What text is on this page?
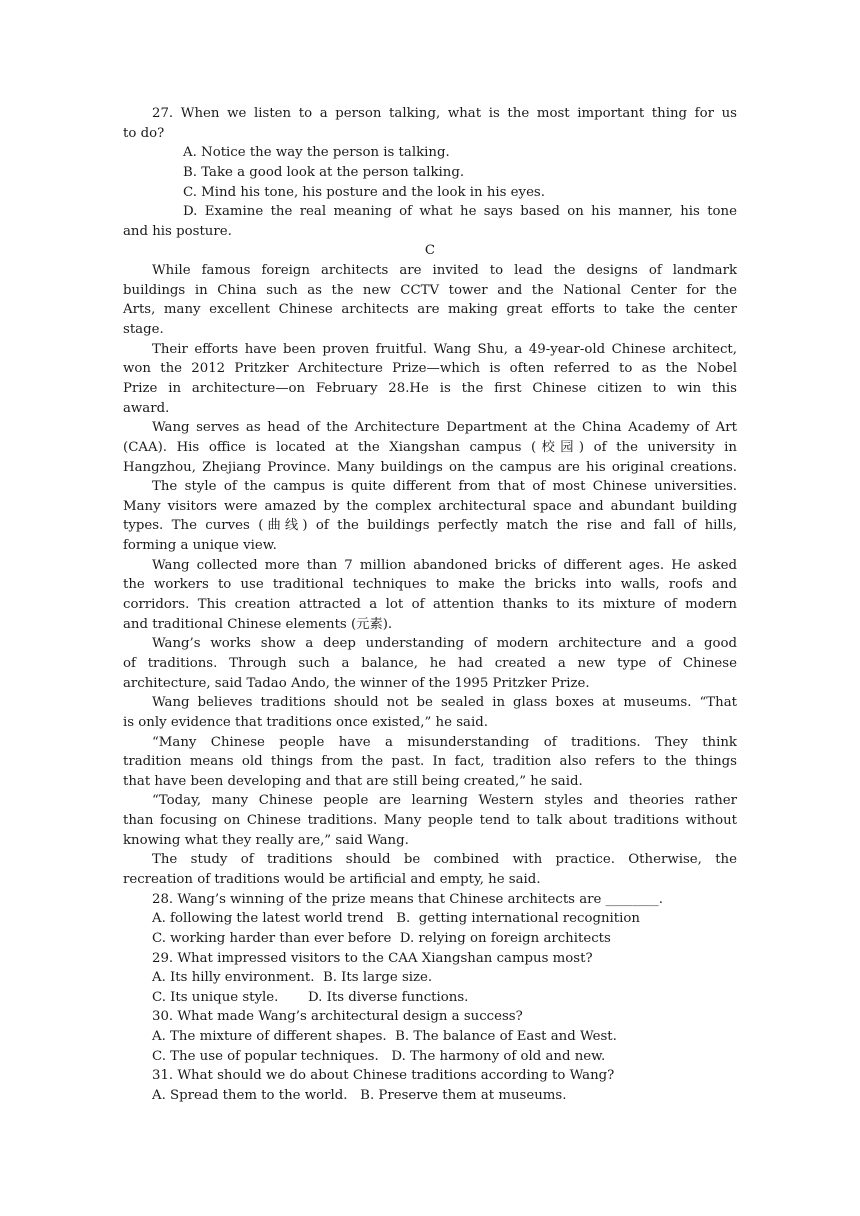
27. When we listen to a person talking, what is the most important thing for us
to do?
A. Notice the way the person is talking.
B. Take a good look at the person talking.
C. Mind his tone, his posture and the look in his eyes.
D. Examine the real meaning of what he says based on his manner, his tone
and his posture.
C
While famous foreign architects are invited to lead the designs of landmark
buildings in China such as the new CCTV tower and the National Center for the
Arts, many excellent Chinese architects are making great efforts to take the center
stage.
Their efforts have been proven fruitful. Wang Shu, a 49-year-old Chinese architect,
won the 2012 Pritzker Architecture Prize—which is often referred to as the Nobel
Prize in architecture—on February 28.He is the first Chinese citizen to win this
award.
Wang serves as head of the Architecture Department at the China Academy of Art
(CAA). His office is located at the Xiangshan campus (校园) of the university in
Hangzhou, Zhejiang Province. Many buildings on the campus are his original creations.
The style of the campus is quite different from that of most Chinese universities.
Many visitors were amazed by the complex architectural space and abundant building
types. The curves (曲线) of the buildings perfectly match the rise and fall of hills,
forming a unique view.
Wang collected more than 7 million abandoned bricks of different ages. He asked
the workers to use traditional techniques to make the bricks into walls, roofs and
corridors. This creation attracted a lot of attention thanks to its mixture of modern
and traditional Chinese elements (元素).
Wang’s works show a deep understanding of modern architecture and a good
of traditions. Through such a balance, he had created a new type of Chinese
architecture, said Tadao Ando, the winner of the 1995 Pritzker Prize.
Wang believes traditions should not be sealed in glass boxes at museums. “That
is only evidence that traditions once existed,” he said.
“Many Chinese people have a misunderstanding of traditions. They think
tradition means old things from the past. In fact, tradition also refers to the things
that have been developing and that are still being created,” he said.
“Today, many Chinese people are learning Western styles and theories rather
than focusing on Chinese traditions. Many people tend to talk about traditions without
knowing what they really are,” said Wang.
The study of traditions should be combined with practice. Otherwise, the
recreation of traditions would be artificial and empty, he said.
28. Wang’s winning of the prize means that Chinese architects are ________.
A. following the latest world trend   B.  getting international recognition
C. working harder than ever before  D. relying on foreign architects
29. What impressed visitors to the CAA Xiangshan campus most?
A. Its hilly environment.  B. Its large size.
C. Its unique style.       D. Its diverse functions.
30. What made Wang’s architectural design a success?
A. The mixture of different shapes.  B. The balance of East and West.
C. The use of popular techniques.   D. The harmony of old and new.
31. What should we do about Chinese traditions according to Wang?
A. Spread them to the world.   B. Preserve them at museums.
